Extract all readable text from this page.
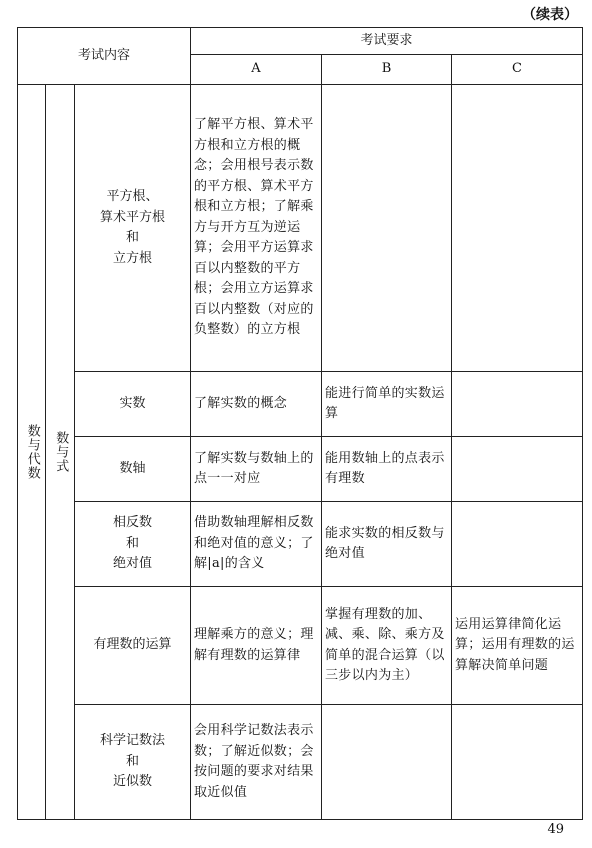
（续表）
考试内容			考试要求		
			A	B	C
数与代数	数与式	平方根、
算术平方根
和
立方根	了解平方根、算术平方根和立方根的概念；会用根号表示数的平方根、算术平方根和立方根；了解乘方与开方互为逆运算；会用平方运算求百以内整数的平方根；会用立方运算求百以内整数（对应的负整数）的立方根		

		实数	了解实数的概念	能进行简单的实数运算	

		数轴	了解实数与数轴上的点一一对应	能用数轴上的点表示有理数	

		相反数
和
绝对值	借助数轴理解相反数和绝对值的意义；了解|a|的含义	能求实数的相反数与绝对值	

		有理数的运算	理解乘方的意义；理解有理数的运算律	掌握有理数的加、减、乘、除、乘方及简单的混合运算（以三步以内为主）	运用运算律简化运算；运用有理数的运算解决简单问题

		科学记数法
和
近似数	会用科学记数法表示数；了解近似数；会按问题的要求对结果取近似值		
49
